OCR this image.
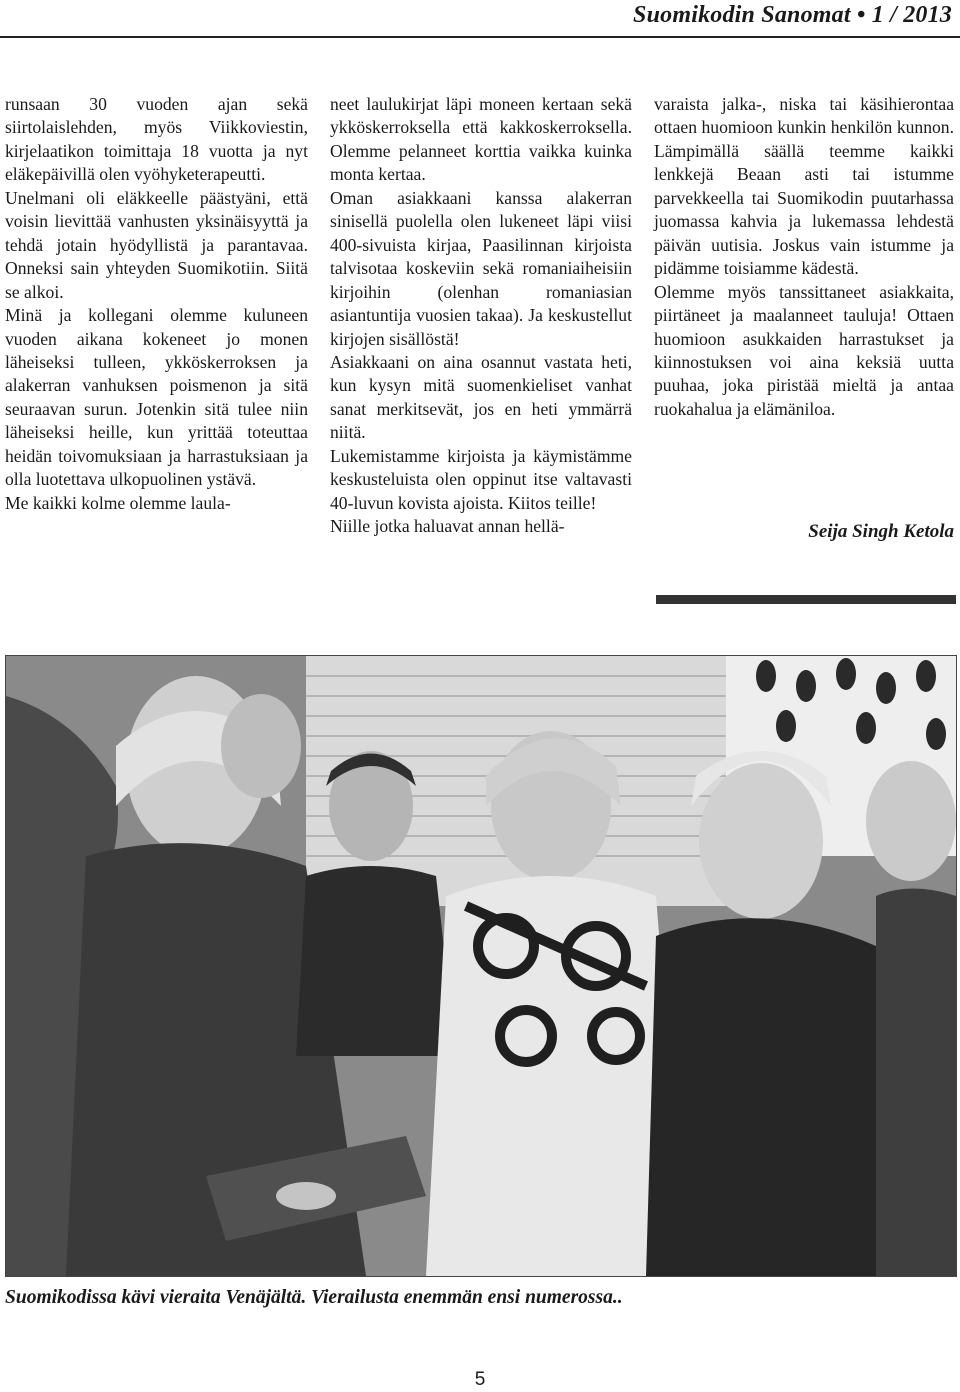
Suomikodin Sanomat • 1 / 2013

runsaan 30 vuoden ajan sekä siirtolaislehden, myös Viikkoviestin, kirjelaatikon toimittaja 18 vuotta ja nyt eläkepäivillä olen vyöhyketerapeutti.

Unelmani oli eläkkeelle päästyäni, että voisin lievittää vanhusten yksinäisyyttä ja tehdä jotain hyödyllistä ja parantavaa. Onneksi sain yhteyden Suomikotiin. Siitä se alkoi.

Minä ja kollegani olemme kuluneen vuoden aikana kokeneet jo monen läheiseksi tulleen, ykköskerroksen ja alakerran vanhuksen poismenon ja sitä seuraavan surun. Jotenkin sitä tulee niin läheiseksi heille, kun yrittää toteuttaa heidän toivomuksiaan ja harrastuksiaan ja olla luotettava ulkopuolinen ystävä.

Me kaikki kolme olemme laula-

neet laulukirjat läpi moneen kertaan sekä ykköskerroksella että kakkoskerroksella. Olemme pelanneet korttia vaikka kuinka monta kertaa.

Oman asiakkaani kanssa alakerran sinisellä puolella olen lukeneet läpi viisi 400-sivuista kirjaa, Paasilinnan kirjoista talvisotaa koskeviin sekä romaniaiheisiin kirjoihin (olenhan romaniasian asiantuntija vuosien takaa). Ja keskustellut kirjojen sisällöstä!

Asiakkaani on aina osannut vastata heti, kun kysyn mitä suomenkieliset vanhat sanat merkitsevät, jos en heti ymmärrä niitä.

Lukemistamme kirjoista ja käymistämme keskusteluista olen oppinut itse valtavasti 40-luvun kovista ajoista. Kiitos teille!

Niille jotka haluavat annan hellä-

varaista jalka-, niska tai käsihierontaa ottaen huomioon kunkin henkilön kunnon. Lämpimällä säällä teemme kaikki lenkkejä Beaan asti tai istumme parvekkeella tai Suomikodin puutarhassa juomassa kahvia ja lukemassa lehdestä päivän uutisia. Joskus vain istumme ja pidämme toisiamme kädestä.

Olemme myös tanssittaneet asiakkaita, piirtäneet ja maalanneet tauluja! Ottaen huomioon asukkaiden harrastukset ja kiinnostuksen voi aina keksiä uutta puuhaa, joka piristää mieltä ja antaa ruokahalua ja elämäniloa.

Seija Singh Ketola
Suomikodissa kävi vieraita Venäjältä. Vierailusta enemmän ensi numerossa..
5
